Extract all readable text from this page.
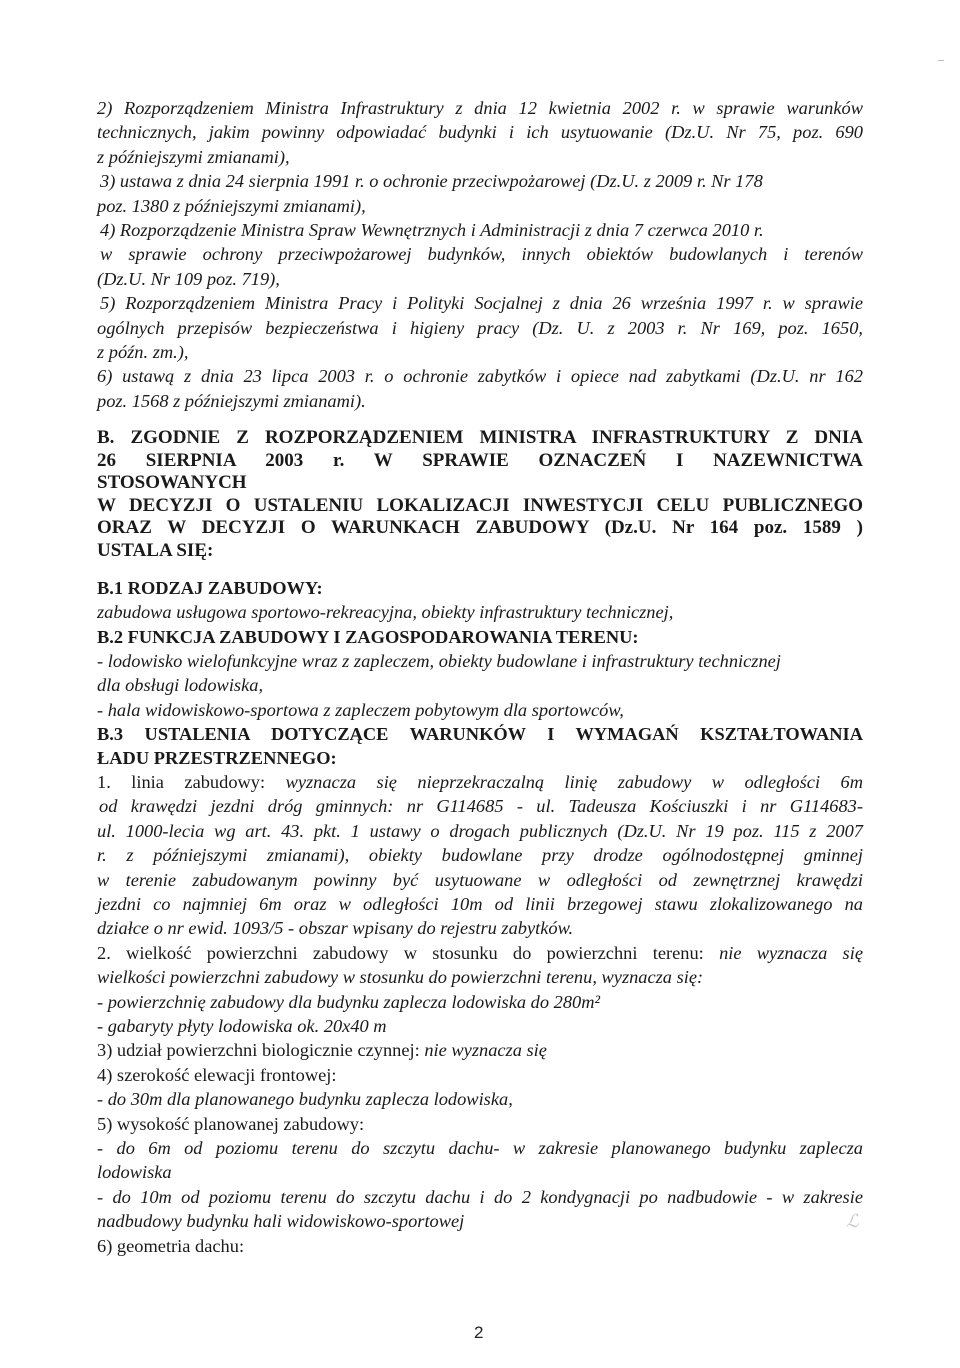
ℒ
2) Rozporządzeniem Ministra Infrastruktury z dnia 12 kwietnia 2002 r. w sprawie warunków
technicznych, jakim powinny odpowiadać budynki i ich usytuowanie (Dz.U. Nr 75, poz. 690
z późniejszymi zmianami),
3) ustawa z dnia 24 sierpnia 1991 r. o ochronie przeciwpożarowej (Dz.U. z 2009 r. Nr 178
poz. 1380 z późniejszymi zmianami),
4) Rozporządzenie Ministra Spraw Wewnętrznych i Administracji z dnia 7 czerwca 2010 r.
w sprawie ochrony przeciwpożarowej budynków, innych obiektów budowlanych i terenów
(Dz.U. Nr 109 poz. 719),
5) Rozporządzeniem Ministra Pracy i Polityki Socjalnej z dnia 26 września 1997 r. w sprawie
ogólnych przepisów bezpieczeństwa i higieny pracy (Dz. U. z 2003 r. Nr 169, poz. 1650,
z późn. zm.),
6) ustawą z dnia 23 lipca 2003 r. o ochronie zabytków i opiece nad zabytkami (Dz.U. nr 162
poz. 1568 z późniejszymi zmianami).
B. ZGODNIE Z ROZPORZĄDZENIEM MINISTRA INFRASTRUKTURY Z DNIA
26 SIERPNIA 2003 r. W SPRAWIE OZNACZEŃ I NAZEWNICTWA
STOSOWANYCH
W DECYZJI O USTALENIU LOKALIZACJI INWESTYCJI CELU PUBLICZNEGO
ORAZ W DECYZJI O WARUNKACH ZABUDOWY (Dz.U. Nr 164 poz. 1589 )
USTALA SIĘ:
B.1 RODZAJ ZABUDOWY:
zabudowa usługowa sportowo-rekreacyjna, obiekty infrastruktury technicznej,
B.2 FUNKCJA ZABUDOWY I ZAGOSPODAROWANIA TERENU:
- lodowisko wielofunkcyjne wraz z zapleczem, obiekty budowlane i infrastruktury technicznej
dla obsługi lodowiska,
- hala widowiskowo-sportowa z zapleczem pobytowym dla sportowców,
B.3 USTALENIA DOTYCZĄCE WARUNKÓW I WYMAGAŃ KSZTAŁTOWANIA
ŁADU PRZESTRZENNEGO:
1. linia zabudowy: wyznacza się nieprzekraczalną linię zabudowy w odległości 6m
od krawędzi jezdni dróg gminnych: nr G114685 - ul. Tadeusza Kościuszki i nr G114683-
ul. 1000-lecia wg art. 43. pkt. 1 ustawy o drogach publicznych (Dz.U. Nr 19 poz. 115 z 2007
r. z późniejszymi zmianami), obiekty budowlane przy drodze ogólnodostępnej gminnej
w terenie zabudowanym powinny być usytuowane w odległości od zewnętrznej krawędzi
jezdni co najmniej 6m oraz w odległości 10m od linii brzegowej stawu zlokalizowanego na
działce o nr ewid. 1093/5 - obszar wpisany do rejestru zabytków.
2. wielkość powierzchni zabudowy w stosunku do powierzchni terenu: nie wyznacza się
wielkości powierzchni zabudowy w stosunku do powierzchni terenu, wyznacza się:
- powierzchnię zabudowy dla budynku zaplecza lodowiska do 280m²
- gabaryty płyty lodowiska ok. 20x40 m
3) udział powierzchni biologicznie czynnej: nie wyznacza się
4) szerokość elewacji frontowej:
- do 30m dla planowanego budynku zaplecza lodowiska,
5) wysokość planowanej zabudowy:
- do 6m od poziomu terenu do szczytu dachu- w zakresie planowanego budynku zaplecza
lodowiska
- do 10m od poziomu terenu do szczytu dachu i do 2 kondygnacji po nadbudowie - w zakresie
nadbudowy budynku hali widowiskowo-sportowej
6) geometria dachu:
2
